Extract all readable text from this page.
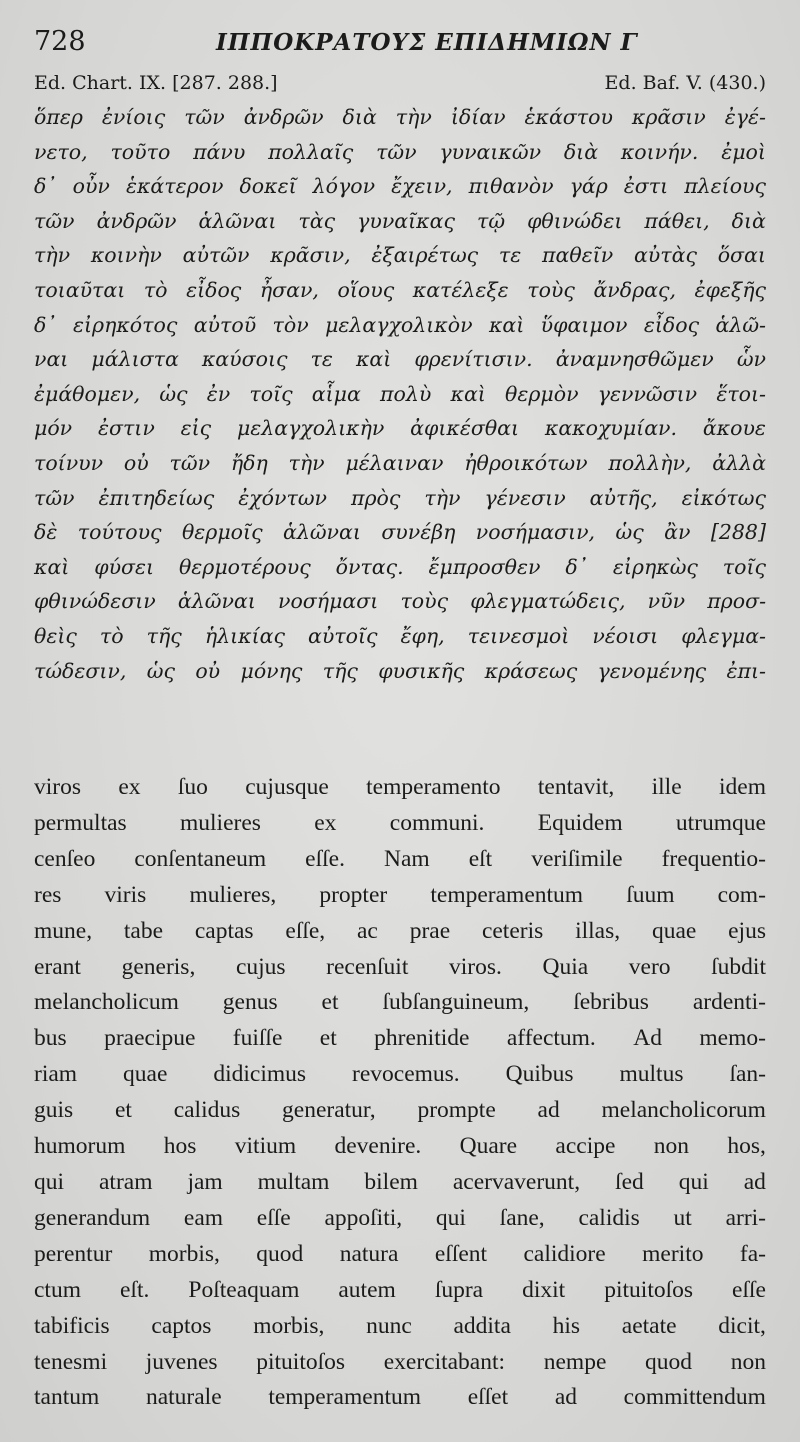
728	ΙΠΠΟΚΡΑΤΟΥΣ ΕΠΙΔΗΜΙΩΝ Γ
Ed. Chart. IX. [287. 288.]	Ed. Baf. V. (430.)
ὅπερ ἐνίοις τῶν ἀνδρῶν διὰ τὴν ἰδίαν ἑκάστου κρᾶσιν ἐγέ-
νετο, τοῦτο πάνυ πολλαῖς τῶν γυναικῶν διὰ κοινήν. ἐμοὶ
δ᾽ οὖν ἑκάτερον δοκεῖ λόγον ἔχειν, πιθανὸν γάρ ἐστι πλείους
τῶν ἀνδρῶν ἁλῶναι τὰς γυναῖκας τῷ φθινώδει πάθει, διὰ
τὴν κοινὴν αὐτῶν κρᾶσιν, ἐξαιρέτως τε παθεῖν αὐτὰς ὅσαι
τοιαῦται τὸ εἶδος ἦσαν, οἵους κατέλεξε τοὺς ἄνδρας, ἐφεξῆς
δ᾽ εἰρηκότος αὐτοῦ τὸν μελαγχολικὸν καὶ ὕφαιμον εἶδος ἁλῶ-
ναι μάλιστα καύσοις τε καὶ φρενίτισιν. ἀναμνησθῶμεν ὧν
ἐμάθομεν, ὡς ἐν τοῖς αἷμα πολὺ καὶ θερμὸν γεννῶσιν ἕτοι-
μόν ἐστιν εἰς μελαγχολικὴν ἀφικέσθαι κακοχυμίαν. ἄκουε
τοίνυν οὐ τῶν ἤδη τὴν μέλαιναν ἠθροικότων πολλὴν, ἀλλὰ
τῶν ἐπιτηδείως ἐχόντων πρὸς τὴν γένεσιν αὐτῆς, εἰκότως
δὲ τούτους θερμοῖς ἁλῶναι συνέβη νοσήμασιν, ὡς ἂν [288]
καὶ φύσει θερμοτέρους ὄντας. ἔμπροσθεν δ᾽ εἰρηκὼς τοῖς
φθινώδεσιν ἁλῶναι νοσήμασι τοὺς φλεγματώδεις, νῦν προσ-
θεὶς τὸ τῆς ἡλικίας αὐτοῖς ἔφη, τεινεσμοὶ νέοισι φλεγμα-
τώδεσιν, ὡς οὐ μόνης τῆς φυσικῆς κράσεως γενομένης ἐπι-
viros ex ſuo cujusque temperamento tentavit, ille idem
permultas mulieres ex communi. Equidem utrumque
cenſeo conſentaneum eſſe. Nam eſt veriſimile frequentio-
res viris mulieres, propter temperamentum ſuum com-
mune, tabe captas eſſe, ac prae ceteris illas, quae ejus
erant generis, cujus recenſuit viros. Quia vero ſubdit
melancholicum genus et ſubſanguineum, ſebribus ardenti-
bus praecipue fuiſſe et phrenitide affectum. Ad memo-
riam quae didicimus revocemus. Quibus multus ſan-
guis et calidus generatur, prompte ad melancholicorum
humorum hos vitium devenire. Quare accipe non hos,
qui atram jam multam bilem acervaverunt, ſed qui ad
generandum eam eſſe appoſiti, qui ſane, calidis ut arri-
perentur morbis, quod natura eſſent calidiore merito fa-
ctum eſt. Poſteaquam autem ſupra dixit pituitoſos eſſe
tabificis captos morbis, nunc addita his aetate dicit,
tenesmi juvenes pituitoſos exercitabant: nempe quod non
tantum naturale temperamentum eſſet ad committendum
